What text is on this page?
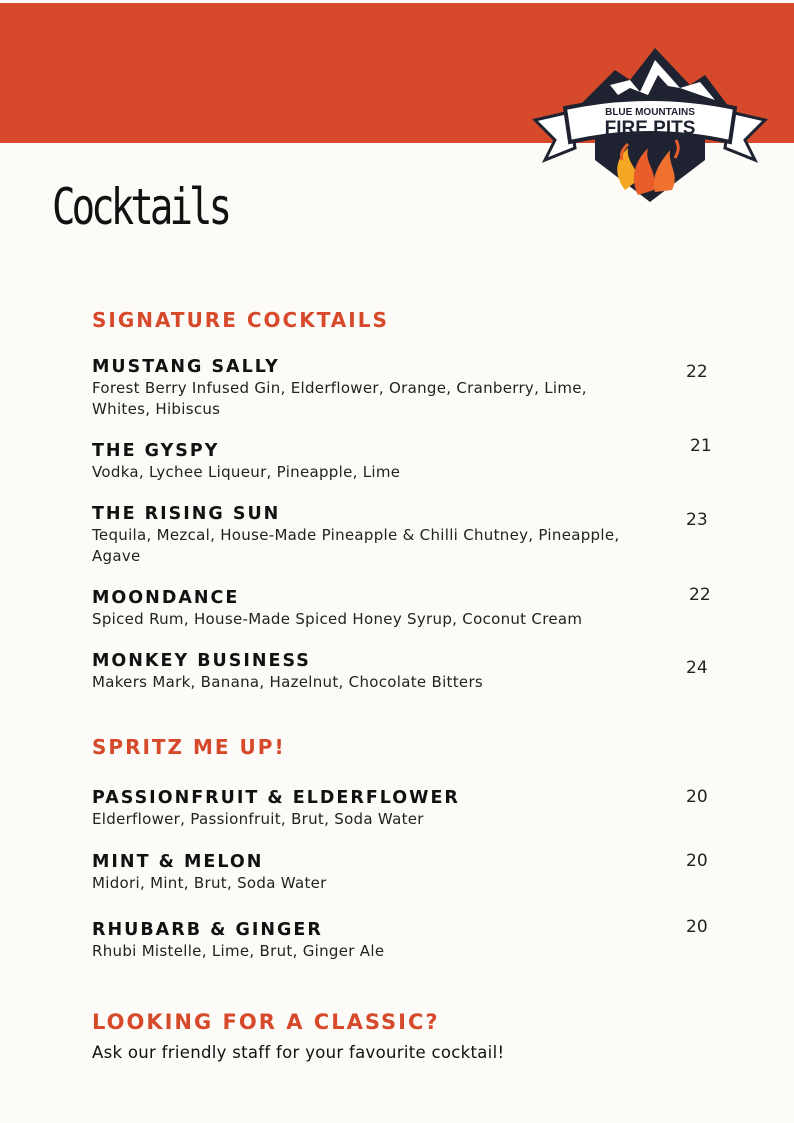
BLUE MOUNTAINS
FIRE PITS
Cocktails
SIGNATURE COCKTAILS
MUSTANG SALLY
Forest Berry Infused Gin, Elderflower, Orange, Cranberry, Lime, Whites, Hibiscus
22
THE GYSPY
Vodka, Lychee Liqueur, Pineapple, Lime
21
THE RISING SUN
Tequila, Mezcal, House-Made Pineapple & Chilli Chutney, Pineapple, Agave
23
MOONDANCE
Spiced Rum, House-Made Spiced Honey Syrup, Coconut Cream
22
MONKEY BUSINESS
Makers Mark, Banana, Hazelnut, Chocolate Bitters
24
SPRITZ ME UP!
PASSIONFRUIT & ELDERFLOWER
Elderflower, Passionfruit, Brut, Soda Water
20
MINT & MELON
Midori, Mint, Brut, Soda Water
20
RHUBARB & GINGER
Rhubi Mistelle, Lime, Brut, Ginger Ale
20
LOOKING FOR A CLASSIC?
Ask our friendly staff for your favourite cocktail!
